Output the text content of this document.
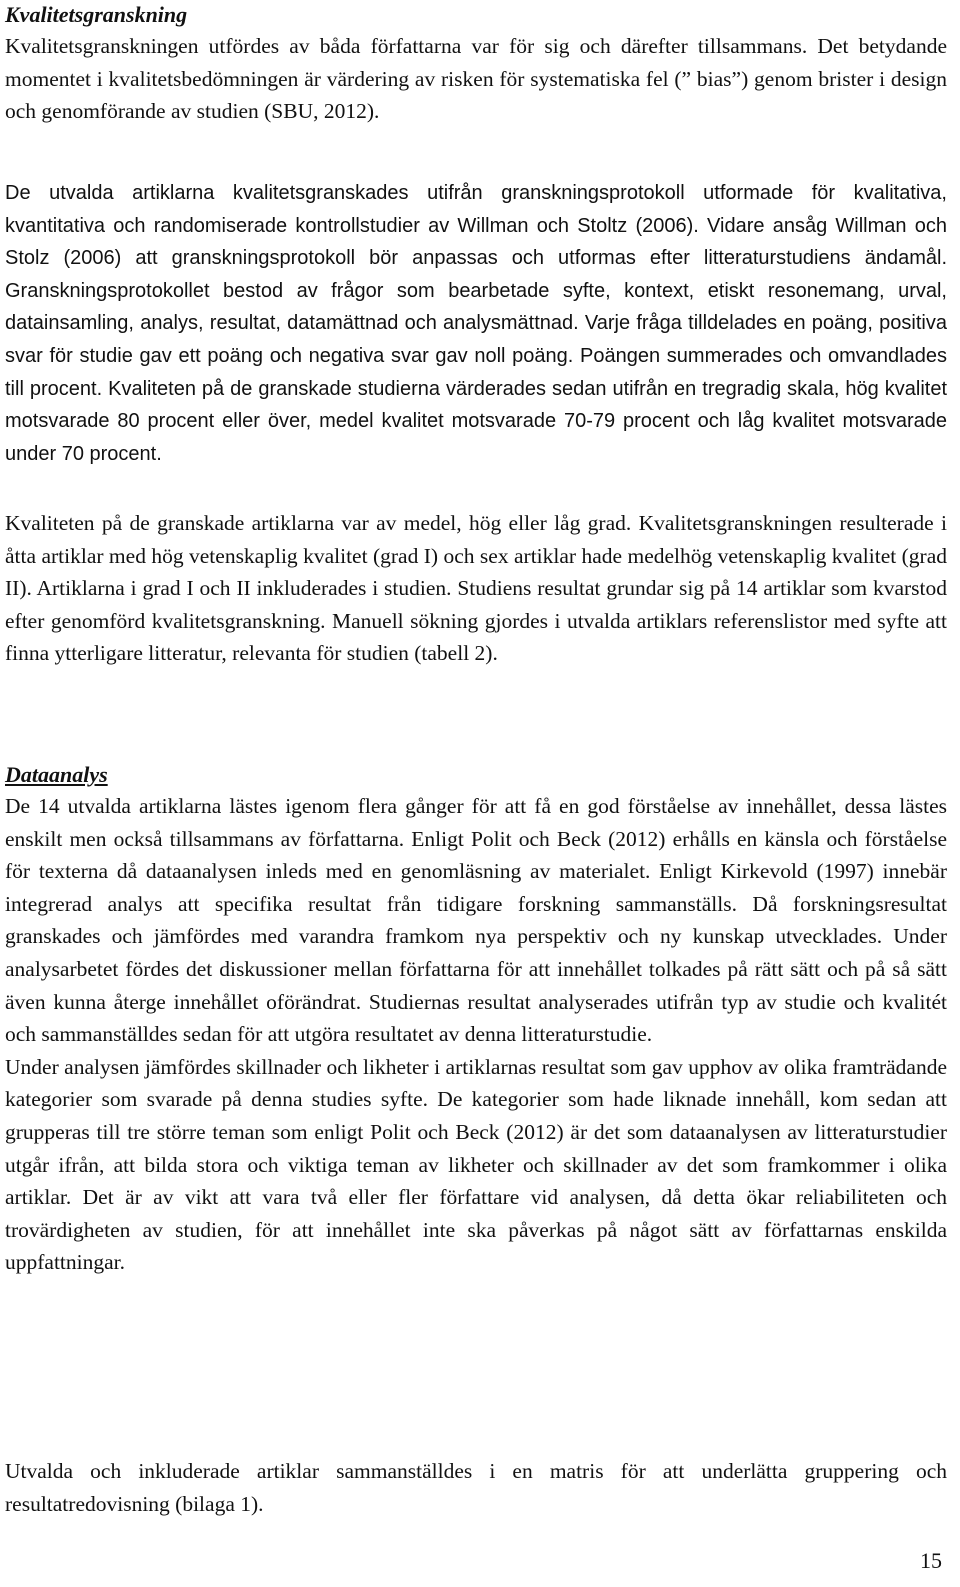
Kvalitetsgranskning

Kvalitetsgranskningen utfördes av båda författarna var för sig och därefter tillsammans. Det betydande momentet i kvalitetsbedömningen är värdering av risken för systematiska fel (” bias”) genom brister i design och genomförande av studien (SBU, 2012).

De utvalda artiklarna kvalitetsgranskades utifrån granskningsprotokoll utformade för kvalitativa, kvantitativa och randomiserade kontrollstudier av Willman och Stoltz (2006). Vidare ansåg Willman och Stolz (2006) att granskningsprotokoll bör anpassas och utformas efter litteraturstudiens ändamål. Granskningsprotokollet bestod av frågor som bearbetade syfte, kontext, etiskt resonemang, urval, datainsamling, analys, resultat, datamättnad och analysmättnad. Varje fråga tilldelades en poäng, positiva svar för studie gav ett poäng och negativa svar gav noll poäng. Poängen summerades och omvandlades till procent. Kvaliteten på de granskade studierna värderades sedan utifrån en tregradig skala, hög kvalitet motsvarade 80 procent eller över, medel kvalitet motsvarade 70-79 procent och låg kvalitet motsvarade under 70 procent.

Kvaliteten på de granskade artiklarna var av medel, hög eller låg grad. Kvalitetsgranskningen resulterade i åtta artiklar med hög vetenskaplig kvalitet (grad I) och sex artiklar hade medelhög vetenskaplig kvalitet (grad II). Artiklarna i grad I och II inkluderades i studien. Studiens resultat grundar sig på 14 artiklar som kvarstod efter genomförd kvalitetsgranskning. Manuell sökning gjordes i utvalda artiklars referenslistor med syfte att finna ytterligare litteratur, relevanta för studien (tabell 2).

Dataanalys

De 14 utvalda artiklarna lästes igenom flera gånger för att få en god förståelse av innehållet, dessa lästes enskilt men också tillsammans av författarna. Enligt Polit och Beck (2012) erhålls en känsla och förståelse för texterna då dataanalysen inleds med en genomläsning av materialet. Enligt Kirkevold (1997) innebär integrerad analys att specifika resultat från tidigare forskning sammanställs. Då forskningsresultat granskades och jämfördes med varandra framkom nya perspektiv och ny kunskap utvecklades. Under analysarbetet fördes det diskussioner mellan författarna för att innehållet tolkades på rätt sätt och på så sätt även kunna återge innehållet oförändrat. Studiernas resultat analyserades utifrån typ av studie och kvalitét och sammanställdes sedan för att utgöra resultatet av denna litteraturstudie.

Under analysen jämfördes skillnader och likheter i artiklarnas resultat som gav upphov av olika framträdande kategorier som svarade på denna studies syfte. De kategorier som hade liknade innehåll, kom sedan att grupperas till tre större teman som enligt Polit och Beck (2012) är det som dataanalysen av litteraturstudier utgår ifrån, att bilda stora och viktiga teman av likheter och skillnader av det som framkommer i olika artiklar. Det är av vikt att vara två eller fler författare vid analysen, då detta ökar reliabiliteten och trovärdigheten av studien, för att innehållet inte ska påverkas på något sätt av författarnas enskilda uppfattningar.

Utvalda och inkluderade artiklar sammanställdes i en matris för att underlätta gruppering och resultatredovisning (bilaga 1).

15
